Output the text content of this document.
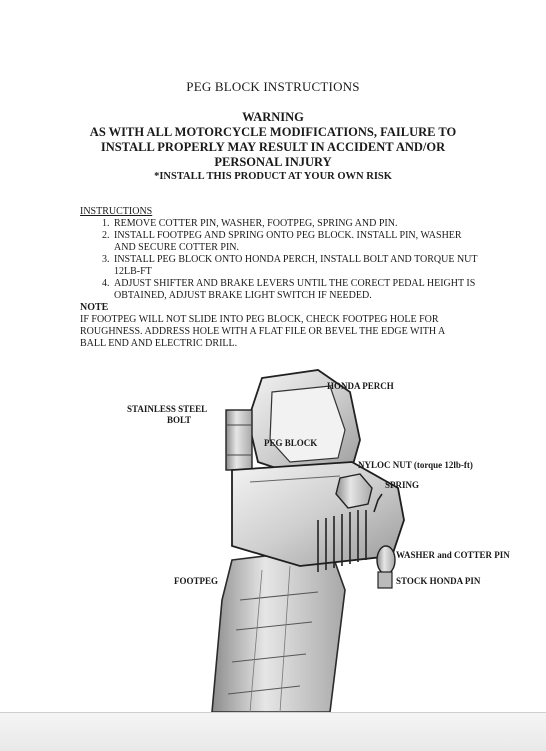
PEG BLOCK INSTRUCTIONS
WARNING
AS WITH ALL MOTORCYCLE MODIFICATIONS, FAILURE TO
INSTALL PROPERLY MAY RESULT IN ACCIDENT AND/OR
PERSONAL INJURY
*INSTALL THIS PRODUCT AT YOUR OWN RISK
INSTRUCTIONS
1. REMOVE COTTER PIN, WASHER, FOOTPEG, SPRING AND PIN.
2. INSTALL FOOTPEG AND SPRING ONTO PEG BLOCK. INSTALL PIN, WASHER AND SECURE COTTER PIN.
3. INSTALL PEG BLOCK ONTO HONDA PERCH, INSTALL BOLT AND TORQUE NUT 12LB-FT
4. ADJUST SHIFTER AND BRAKE LEVERS UNTIL THE CORECT PEDAL HEIGHT IS OBTAINED, ADJUST BRAKE LIGHT SWITCH IF NEEDED.
NOTE
IF FOOTPEG WILL NOT SLIDE INTO PEG BLOCK, CHECK FOOTPEG HOLE FOR ROUGHNESS. ADDRESS HOLE WITH A FLAT FILE OR BEVEL THE EDGE WITH A BALL END AND ELECTRIC DRILL.
HONDA PERCH
STAINLESS STEEL
BOLT
PEG BLOCK
NYLOC NUT (torque 12lb-ft)
SPRING
WASHER and COTTER PIN
FOOTPEG	STOCK HONDA PIN
